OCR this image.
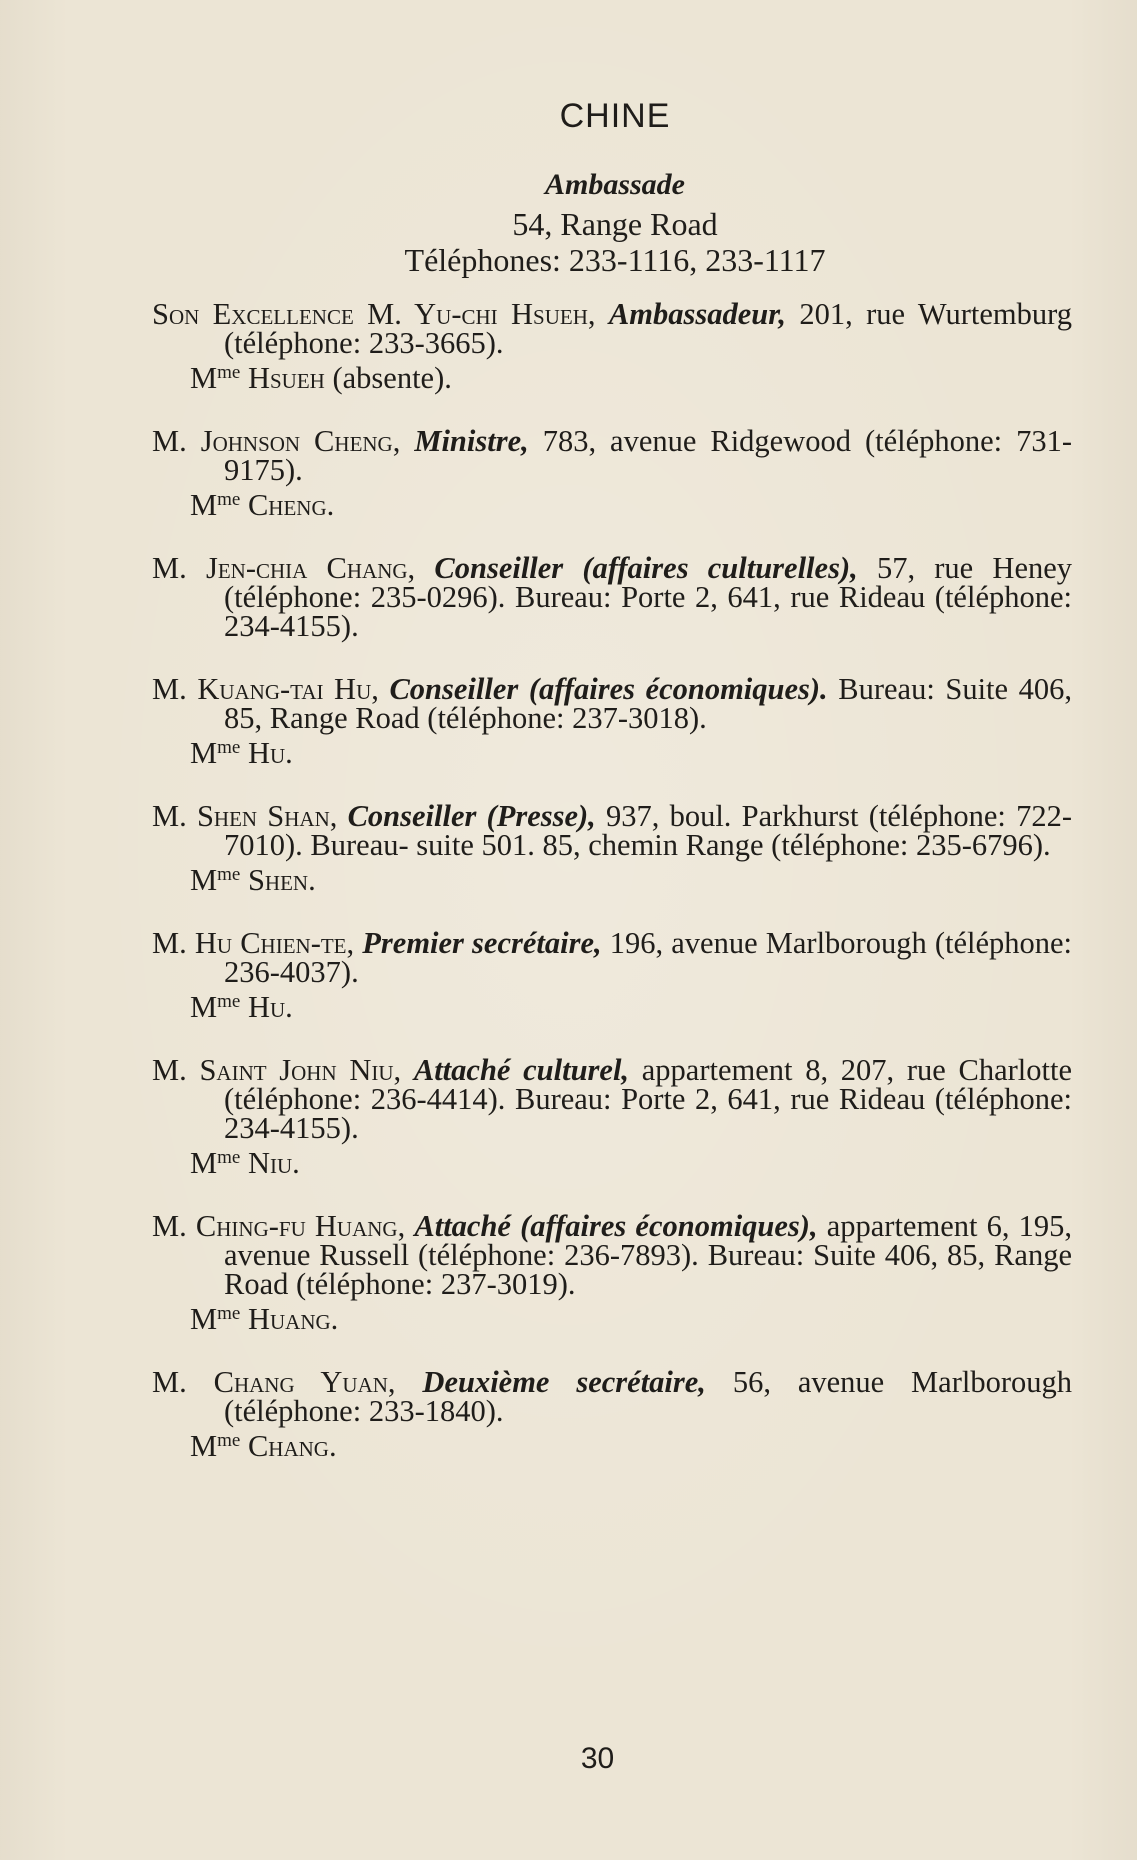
CHINE
Ambassade
54, Range Road
Téléphones: 233-1116, 233-1117
Son Excellence M. Yu-chi Hsueh, Ambassadeur, 201, rue Wurtemburg (téléphone: 233-3665).
$M^{me}$ Hsueh (absente).
M. Johnson Cheng, Ministre, 783, avenue Ridgewood (téléphone: 731-9175).
$M^{me}$ Cheng.
M. Jen-chia Chang, Conseiller (affaires culturelles), 57, rue Heney (téléphone: 235-0296). Bureau: Porte 2, 641, rue Rideau (téléphone: 234-4155).
M. Kuang-tai Hu, Conseiller (affaires économiques). Bureau: Suite 406, 85, Range Road (téléphone: 237-3018).
$M^{me}$ Hu.
M. Shen Shan, Conseiller (Presse), 937, boul. Parkhurst (téléphone: 722-7010). Bureau- suite 501. 85, chemin Range (téléphone: 235-6796).
$M^{me}$ Shen.
M. Hu Chien-te, Premier secrétaire, 196, avenue Marlborough (téléphone: 236-4037).
$M^{me}$ Hu.
M. Saint John Niu, Attaché culturel, appartement 8, 207, rue Charlotte (téléphone: 236-4414). Bureau: Porte 2, 641, rue Rideau (téléphone: 234-4155).
$M^{me}$ Niu.
M. Ching-fu Huang, Attaché (affaires économiques), appartement 6, 195, avenue Russell (téléphone: 236-7893). Bureau: Suite 406, 85, Range Road (téléphone: 237-3019).
$M^{me}$ Huang.
M. Chang Yuan, Deuxième secrétaire, 56, avenue Marlborough (téléphone: 233-1840).
$M^{me}$ Chang.
30
